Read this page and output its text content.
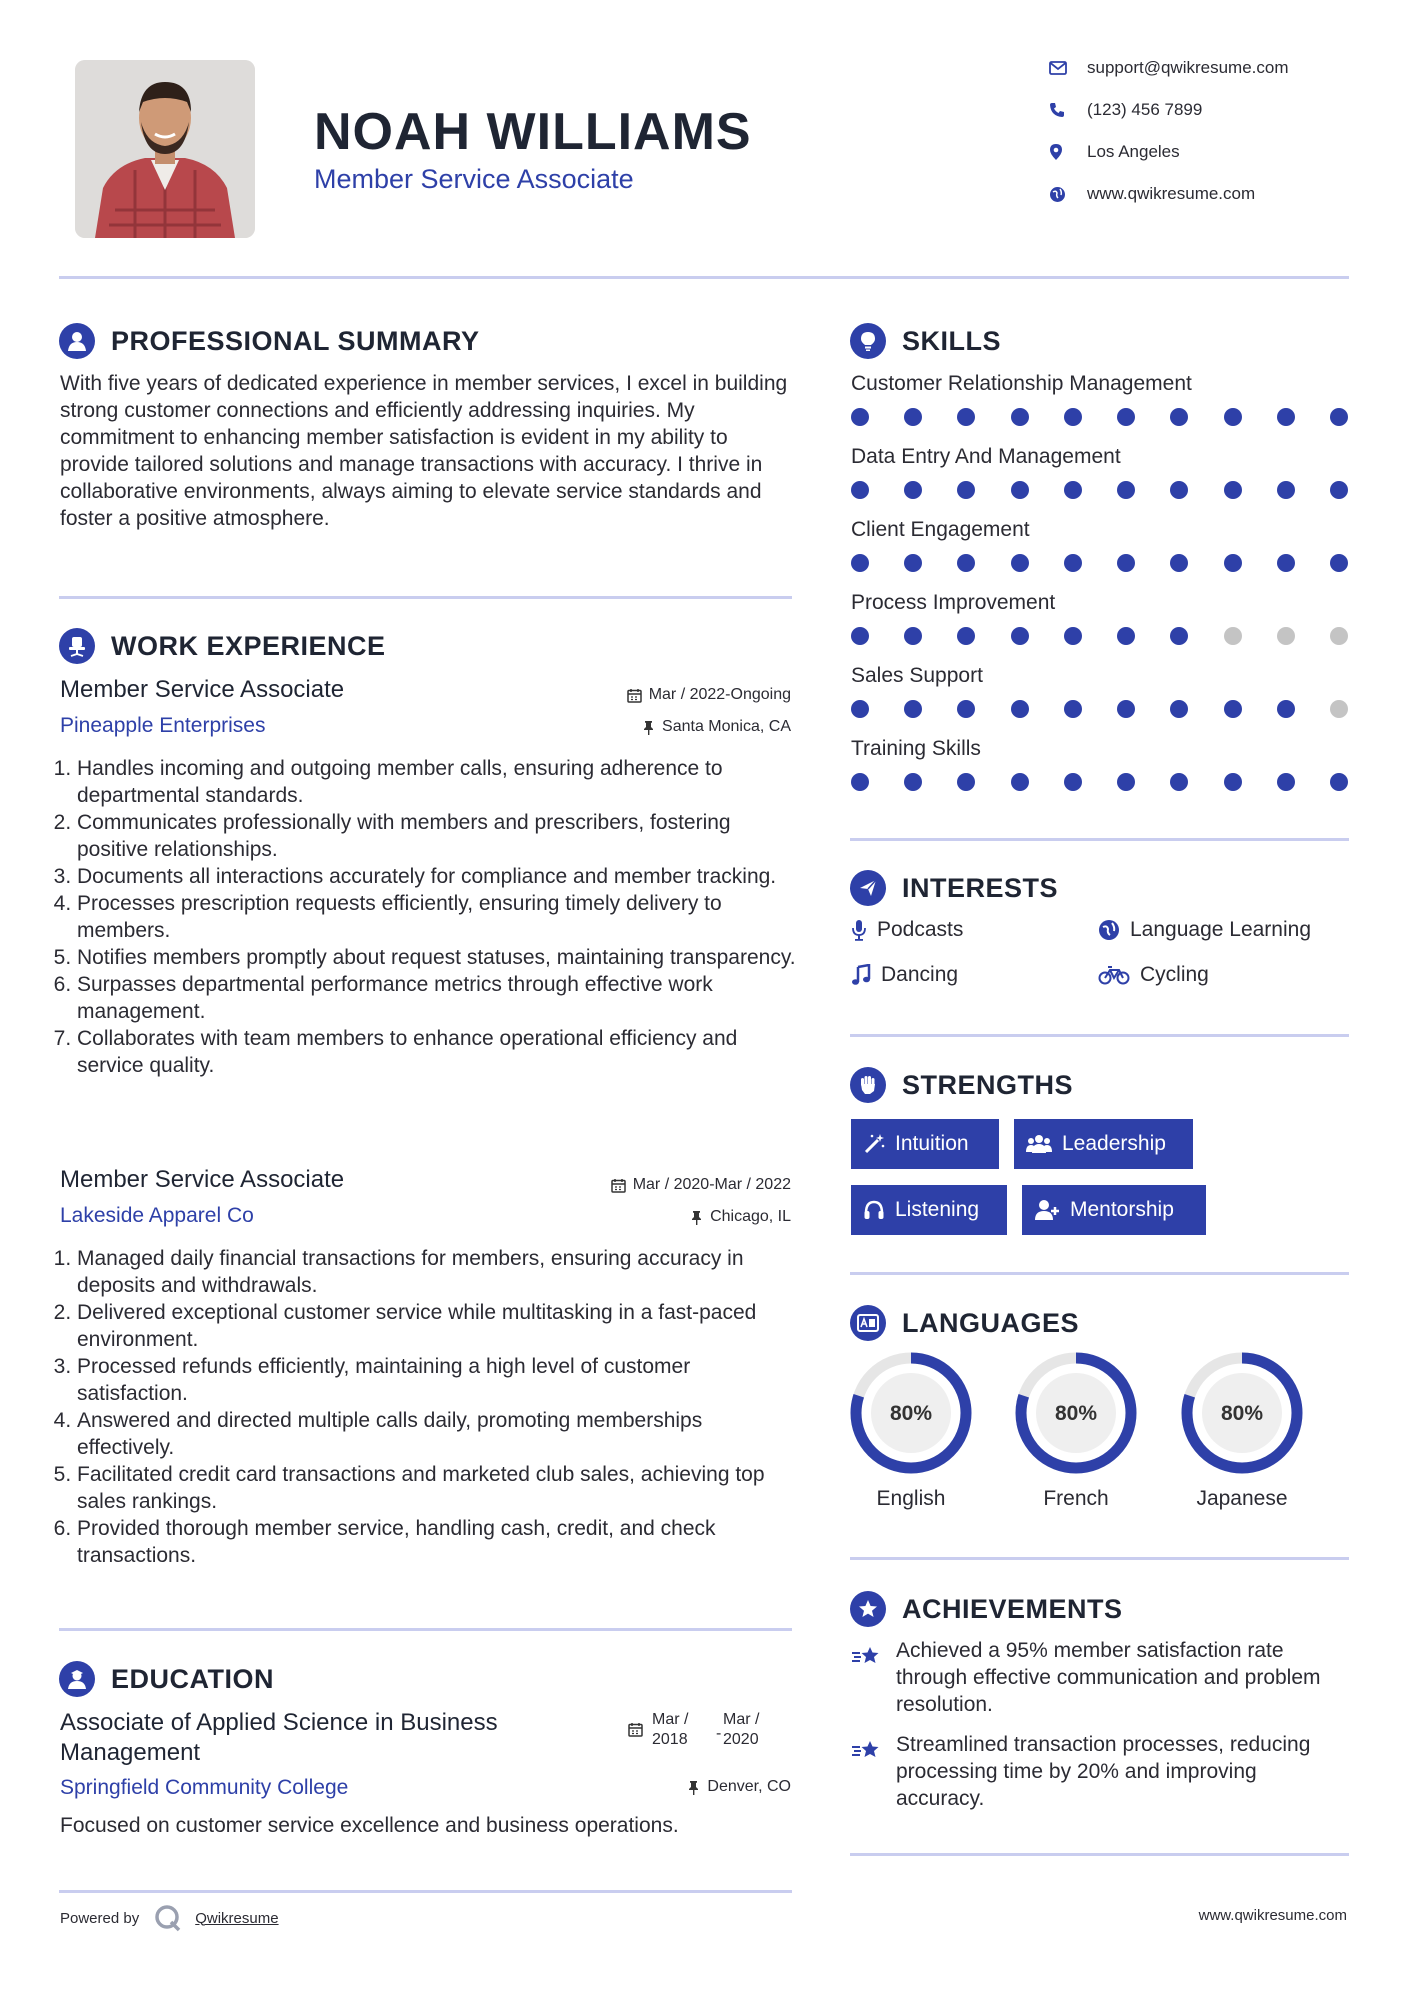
NOAH WILLIAMS
Member Service Associate
support@qwikresume.com
(123) 456 7899
Los Angeles
www.qwikresume.com
PROFESSIONAL SUMMARY
With five years of dedicated experience in member services, I excel in building strong customer connections and efficiently addressing inquiries. My commitment to enhancing member satisfaction is evident in my ability to provide tailored solutions and manage transactions with accuracy. I thrive in collaborative environments, always aiming to elevate service standards and foster a positive atmosphere.
WORK EXPERIENCE
Member Service Associate
Pineapple Enterprises
Mar / 2022-Ongoing
Santa Monica, CA
1. Handles incoming and outgoing member calls, ensuring adherence to departmental standards.
2. Communicates professionally with members and prescribers, fostering positive relationships.
3. Documents all interactions accurately for compliance and member tracking.
4. Processes prescription requests efficiently, ensuring timely delivery to members.
5. Notifies members promptly about request statuses, maintaining transparency.
6. Surpasses departmental performance metrics through effective work management.
7. Collaborates with team members to enhance operational efficiency and service quality.
Member Service Associate
Lakeside Apparel Co
Mar / 2020-Mar / 2022
Chicago, IL
1. Managed daily financial transactions for members, ensuring accuracy in deposits and withdrawals.
2. Delivered exceptional customer service while multitasking in a fast-paced environment.
3. Processed refunds efficiently, maintaining a high level of customer satisfaction.
4. Answered and directed multiple calls daily, promoting memberships effectively.
5. Facilitated credit card transactions and marketed club sales, achieving top sales rankings.
6. Provided thorough member service, handling cash, credit, and check transactions.
EDUCATION
Associate of Applied Science in Business Management
Springfield Community College
Mar / 2018	-
Mar / 2020
Denver, CO
Focused on customer service excellence and business operations.
SKILLS
Customer Relationship Management
Data Entry And Management
Client Engagement
Process Improvement
Sales Support
Training Skills
INTERESTS
Podcasts	Language Learning
Dancing	Cycling
STRENGTHS
Intuition	Leadership
Listening	Mentorship
LANGUAGES
80%
English
80%
French
80%
Japanese
ACHIEVEMENTS
Achieved a 95% member satisfaction rate through effective communication and problem resolution.
Streamlined transaction processes, reducing processing time by 20% and improving accuracy.
Powered by	Qwikresume	www.qwikresume.com
